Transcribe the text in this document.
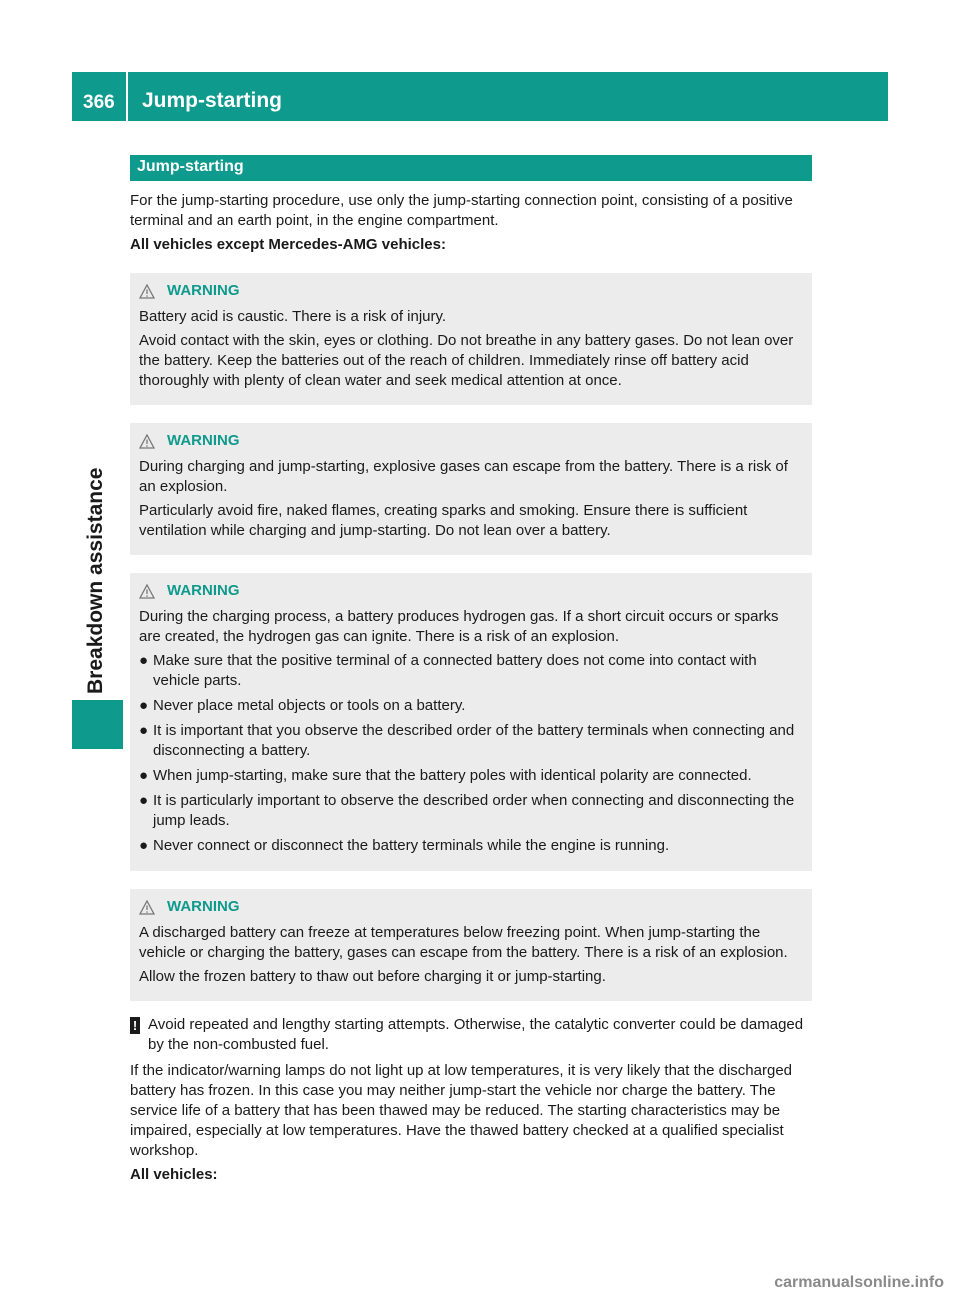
366 Jump-starting
Breakdown assistance
Jump-starting

For the jump-starting procedure, use only the jump-starting connection point, consisting of a positive terminal and an earth point, in the engine compartment.

All vehicles except Mercedes-AMG vehicles:

WARNING

Battery acid is caustic. There is a risk of injury.

Avoid contact with the skin, eyes or clothing. Do not breathe in any battery gases. Do not lean over the battery. Keep the batteries out of the reach of children. Immediately rinse off battery acid thoroughly with plenty of clean water and seek medical attention at once.

WARNING

During charging and jump-starting, explosive gases can escape from the battery. There is a risk of an explosion.

Particularly avoid fire, naked flames, creating sparks and smoking. Ensure there is sufficient ventilation while charging and jump-starting. Do not lean over a battery.

WARNING

During the charging process, a battery produces hydrogen gas. If a short circuit occurs or sparks are created, the hydrogen gas can ignite. There is a risk of an explosion.

● Make sure that the positive terminal of a connected battery does not come into contact with vehicle parts.
● Never place metal objects or tools on a battery.
● It is important that you observe the described order of the battery terminals when connecting and disconnecting a battery.
● When jump-starting, make sure that the battery poles with identical polarity are connected.
● It is particularly important to observe the described order when connecting and disconnecting the jump leads.
● Never connect or disconnect the battery terminals while the engine is running.
WARNING

A discharged battery can freeze at temperatures below freezing point. When jump-starting the vehicle or charging the battery, gases can escape from the battery. There is a risk of an explosion.

Allow the frozen battery to thaw out before charging it or jump-starting.

! Avoid repeated and lengthy starting attempts. Otherwise, the catalytic converter could be damaged by the non-combusted fuel.

If the indicator/warning lamps do not light up at low temperatures, it is very likely that the discharged battery has frozen. In this case you may neither jump-start the vehicle nor charge the battery. The service life of a battery that has been thawed may be reduced. The starting characteristics may be impaired, especially at low temperatures. Have the thawed battery checked at a qualified specialist workshop.

All vehicles:

carmanualsonline.info
